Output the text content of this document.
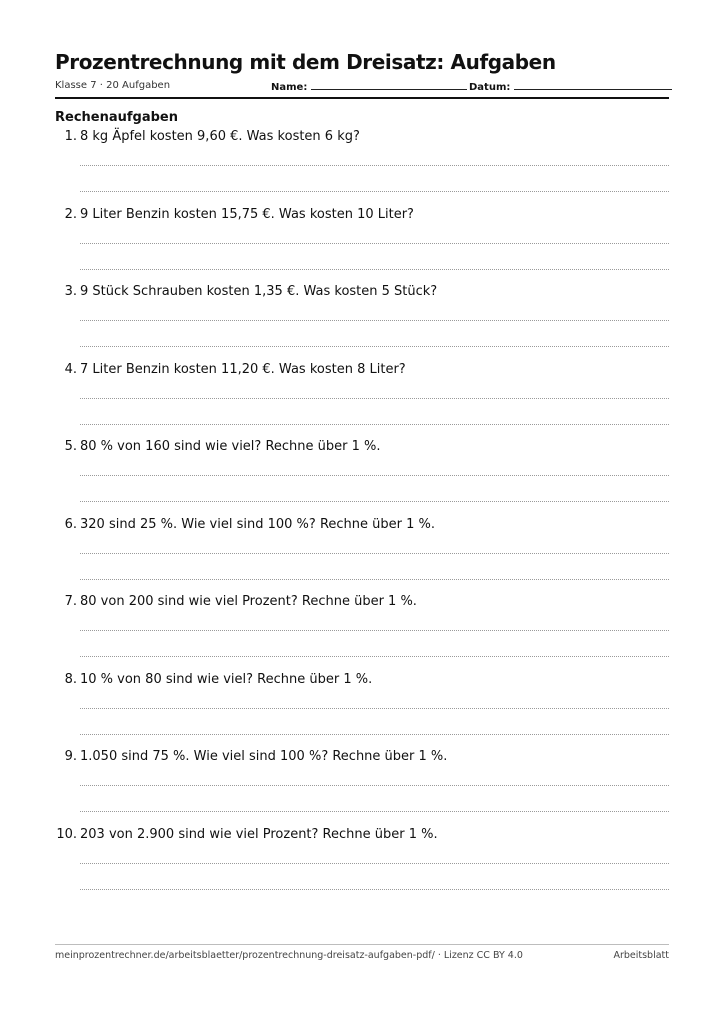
Prozentrechnung mit dem Dreisatz: Aufgaben
Klasse 7 · 20 Aufgaben	Name:	Datum:
Rechenaufgaben
1. 8 kg Äpfel kosten 9,60 €. Was kosten 6 kg?
2. 9 Liter Benzin kosten 15,75 €. Was kosten 10 Liter?
3. 9 Stück Schrauben kosten 1,35 €. Was kosten 5 Stück?
4. 7 Liter Benzin kosten 11,20 €. Was kosten 8 Liter?
5. 80 % von 160 sind wie viel? Rechne über 1 %.
6. 320 sind 25 %. Wie viel sind 100 %? Rechne über 1 %.
7. 80 von 200 sind wie viel Prozent? Rechne über 1 %.
8. 10 % von 80 sind wie viel? Rechne über 1 %.
9. 1.050 sind 75 %. Wie viel sind 100 %? Rechne über 1 %.
10. 203 von 2.900 sind wie viel Prozent? Rechne über 1 %.
meinprozentrechner.de/arbeitsblaetter/prozentrechnung-dreisatz-aufgaben-pdf/ · Lizenz CC BY 4.0	Arbeitsblatt
